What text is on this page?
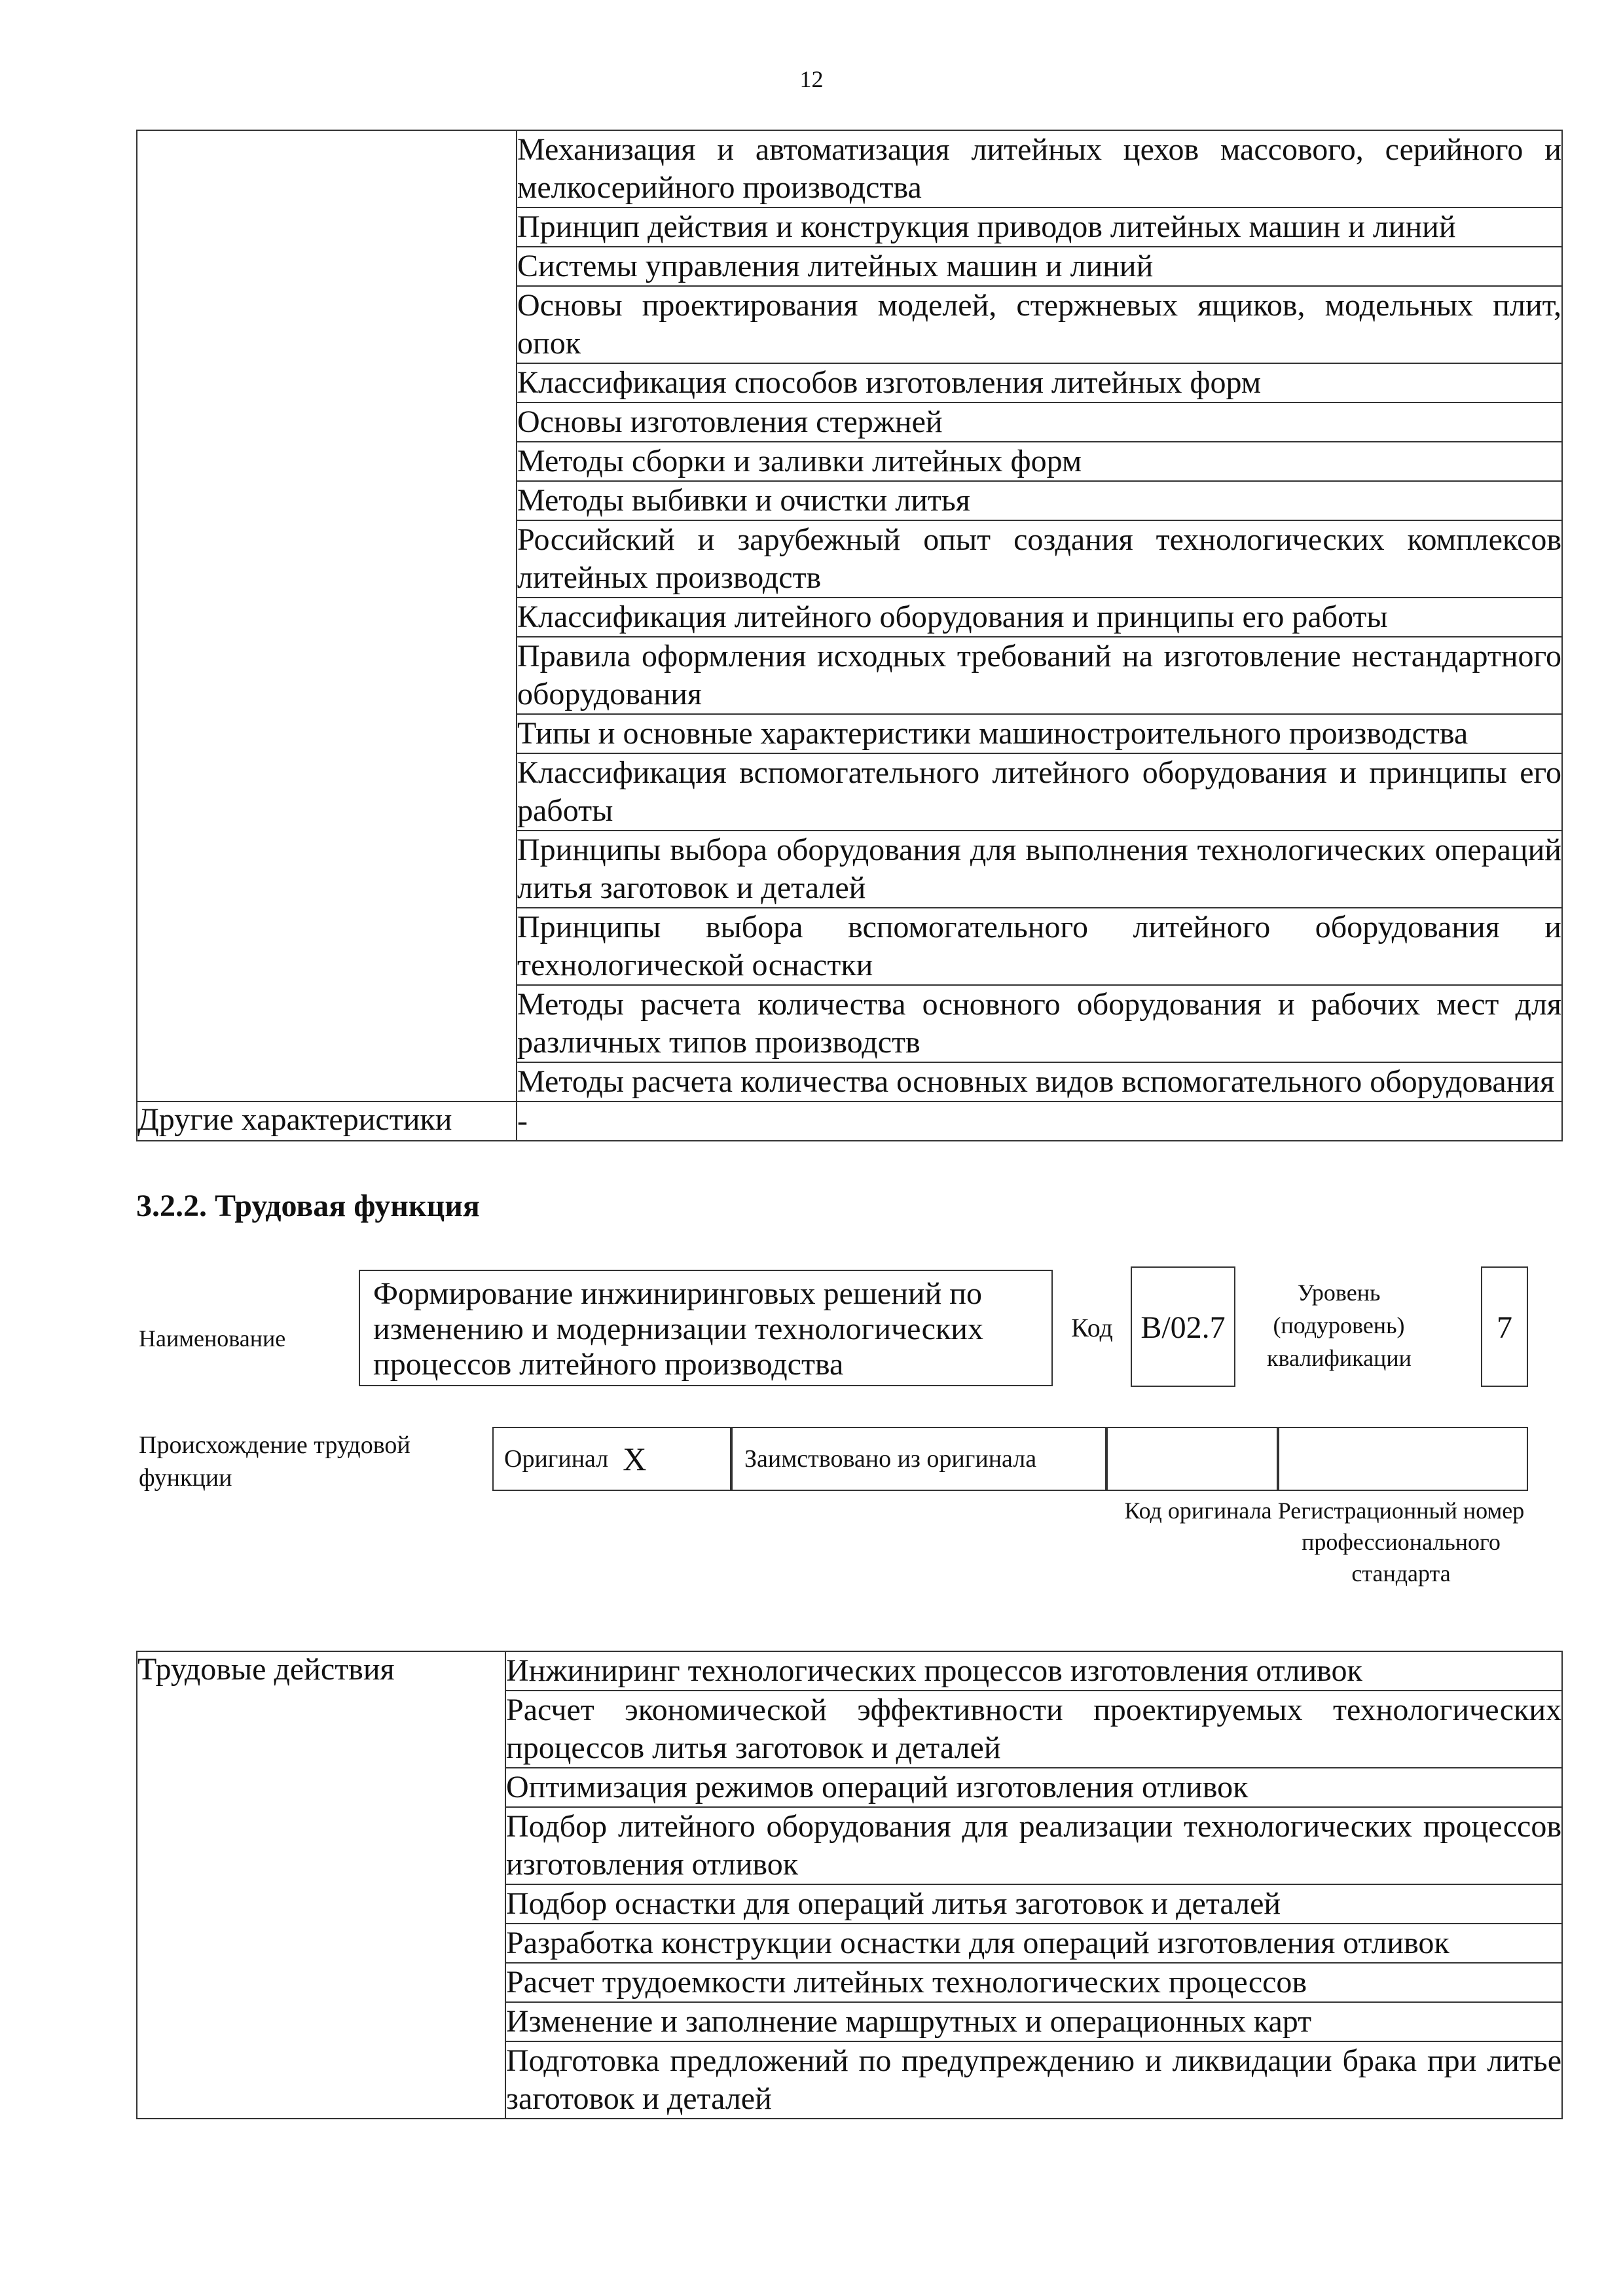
12
	Механизация и автоматизация литейных цехов массового, серийного и мелкосерийного производства
	Принцип действия и конструкция приводов литейных машин и линий
	Системы управления литейных машин и линий
	Основы проектирования моделей, стержневых ящиков, модельных плит, опок
	Классификация способов изготовления литейных форм
	Основы изготовления стержней
	Методы сборки и заливки литейных форм
	Методы выбивки и очистки литья
	Российский и зарубежный опыт создания технологических комплексов литейных производств
	Классификация литейного оборудования и принципы его работы
	Правила оформления исходных требований на изготовление нестандартного оборудования
	Типы и основные характеристики машиностроительного производства
	Классификация вспомогательного литейного оборудования и принципы его работы
	Принципы выбора оборудования для выполнения технологических операций литья заготовок и деталей
	Принципы выбора вспомогательного литейного оборудования и технологической оснастки
	Методы расчета количества основного оборудования и рабочих мест для различных типов производств
	Методы расчета количества основных видов вспомогательного оборудования
Другие характеристики	-
3.2.2. Трудовая функция
Наименование
Формирование инжиниринговых решений по изменению и модернизации технологических процессов литейного производства
Код B/02.7
Уровень (подуровень) квалификации
7
Происхождение трудовой функции
Оригинал X	Заимствовано из оригинала
Код оригинала Регистрационный номер профессионального стандарта
Трудовые действия	Инжиниринг технологических процессов изготовления отливок
Расчет экономической эффективности проектируемых технологических процессов литья заготовок и деталей
Оптимизация режимов операций изготовления отливок
Подбор литейного оборудования для реализации технологических процессов изготовления отливок
Подбор оснастки для операций литья заготовок и деталей
Разработка конструкции оснастки для операций изготовления отливок
Расчет трудоемкости литейных технологических процессов
Изменение и заполнение маршрутных и операционных карт
Подготовка предложений по предупреждению и ликвидации брака при литье заготовок и деталей
